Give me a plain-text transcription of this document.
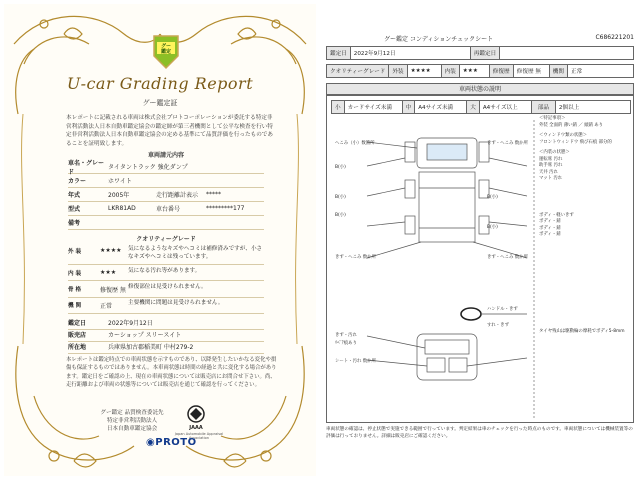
グー
鑑定
U-car Grading Report
グー鑑定証
本レポートに記載される車両は株式会社プロトコーポレーションが委託する特定非営利活動法人日本自動車鑑定協会の鑑定師が第三者機関として公平な検査を行い特定非営利活動法人日本自動車鑑定協会の定める基準にて品質評価を行ったものであることを証明致します。
車両請元内容
車名・グレード
タイタントラック 強化ダンプ
カラー	ホワイト
年式	2005年	走行距離計表示	*****
型式	LKR81AD	車台番号	*********177
備考
クオリティーグレード
外 装	★★★★	気になるようなキズやへコミは補修済みですが、小さなキズやヘコミは残っています。
内 装	★★★	気になる汚れ等があります。
骨 格	修復歴 無 修復部位は見受けられません。
機 関	正常	主要機関に問題は見受けられません。
鑑定日	2022年9月12日
販売店	カーショップ スリースイト
所在地	兵庫県加古郡稲美町 中村279-2
本レポートは鑑定時点での車両状態を示すものであり、以降発生したいかなる変化や損傷も保証するものではありません。本車両状態は時間の経過と共に変化する場合があります。鑑定日をご確認の上、現在の車両状態については販売店にお問合せ下さい。尚、走行距離および車両の状態等については販売店を通じて確認を行ってください。
グー鑑定 品質検査委託先
特定非営利活動法人
日本自動車鑑定協会	JAAA
Japan Automobile Appraisal Association
◉PROTO
グー鑑定 コンディションチェックシート	C686221201
鑑定日	2022年9月12日	再鑑定日	
クオリティーグレード	外装	★★★★	内装	★★★	修復歴	修復歴 無	機関	正常
車両状態の説明
小	カードサイズ未満	中	A4サイズ未満	大	A4サイズ以上	部品	2個以上
へこみ（小）数箇所
B(小)
B(小)
B(小)
きず・へこみ 数か所
きず・へこみ 数か所
B(小)
B(小)
きず・へこみ 数か所
ハンドル・きず
すれ・きず
きず・汚れ
ﾘﾍﾟｱ痕あり
シート・汚れ 数か所
＜特記事項＞
外装 全面的 薄い錆 ／ 頭錆 あり
＜ウィンドウ類の状態＞
フロントウィンドウ 飛び石痕 部分的
＜内装の状態＞
運転席 汚れ
助手席 汚れ
天井 汚れ
マット 汚れ
ボディ・軽いきず
ボディ・錆
ボディ・錆
ボディ・錆
タイヤ残山は駆動輪の摩耗でボディ5-8mm
車両状態の確認は、停止状態で実施できる範囲で行っています。判定結果は車のチェックを行った時点のものです。車両状態については機械装置等の評価は行っておりません。詳細は販売店にご確認ください。
